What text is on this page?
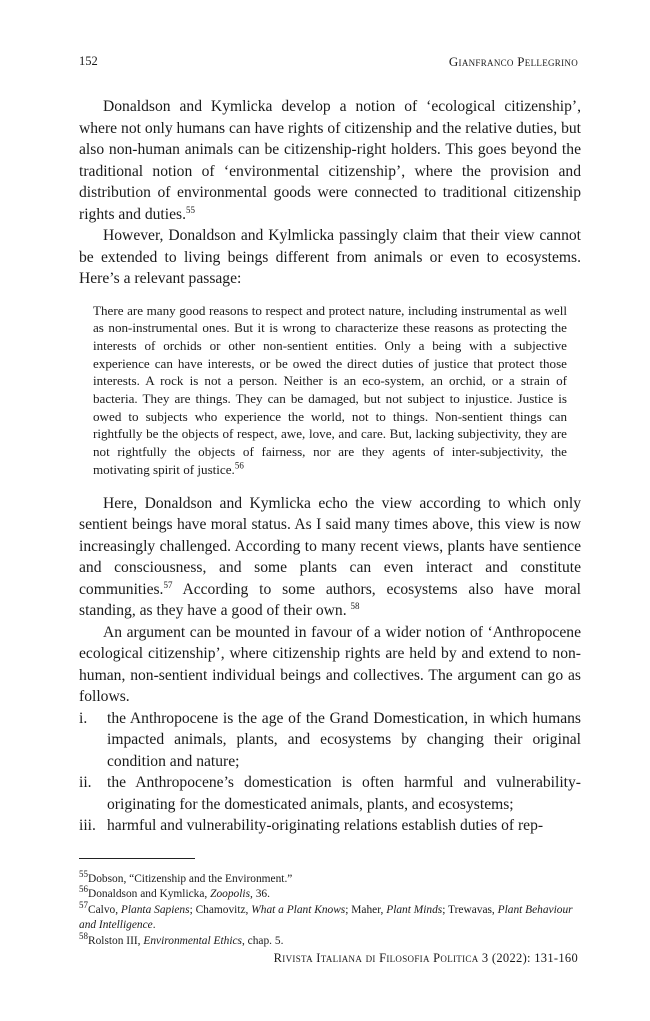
152	Gianfranco Pellegrino

Donaldson and Kymlicka develop a notion of ‘ecological citizenship’, where not only humans can have rights of citizenship and the relative duties, but also non-human animals can be citizenship-right holders. This goes beyond the traditional notion of ‘environmental citizenship’, where the provision and distribution of environmental goods were connected to traditional citizenship rights and duties.$^{55}$

However, Donaldson and Kylmlicka passingly claim that their view cannot be extended to living beings different from animals or even to ecosystems. Here’s a relevant passage:

There are many good reasons to respect and protect nature, including instrumental as well as non-instrumental ones. But it is wrong to characterize these reasons as protecting the interests of orchids or other non-sentient entities. Only a being with a subjective experience can have interests, or be owed the direct duties of justice that protect those interests. A rock is not a person. Neither is an eco-system, an orchid, or a strain of bacteria. They are things. They can be damaged, but not subject to injustice. Justice is owed to subjects who experience the world, not to things. Non-sentient things can rightfully be the objects of respect, awe, love, and care. But, lacking subjectivity, they are not rightfully the objects of fairness, nor are they agents of inter-subjectivity, the motivating spirit of justice.$^{56}$

Here, Donaldson and Kymlicka echo the view according to which only sentient beings have moral status. As I said many times above, this view is now increasingly challenged. According to many recent views, plants have sentience and consciousness, and some plants can even interact and constitute communities.$^{57}$ According to some authors, ecosystems also have moral standing, as they have a good of their own. $^{58}$

An argument can be mounted in favour of a wider notion of ‘Anthropocene ecological citizenship’, where citizenship rights are held by and extend to non-human, non-sentient individual beings and collectives. The argument can go as follows.

i. the Anthropocene is the age of the Grand Domestication, in which humans impacted animals, plants, and ecosystems by changing their original condition and nature;
ii. the Anthropocene’s domestication is often harmful and vulnerability-originating for the domesticated animals, plants, and ecosystems;
iii. harmful and vulnerability-originating relations establish duties of rep-

$^{55}$Dobson, “Citizenship and the Environment.”

$^{56}$Donaldson and Kymlicka, Zoopolis, 36.

$^{57}$Calvo, Planta Sapiens; Chamovitz, What a Plant Knows; Maher, Plant Minds; Trewavas, Plant Behaviour and Intelligence.

$^{58}$Rolston III, Environmental Ethics, chap. 5.

Rivista Italiana di Filosofia Politica 3 (2022): 131-160
